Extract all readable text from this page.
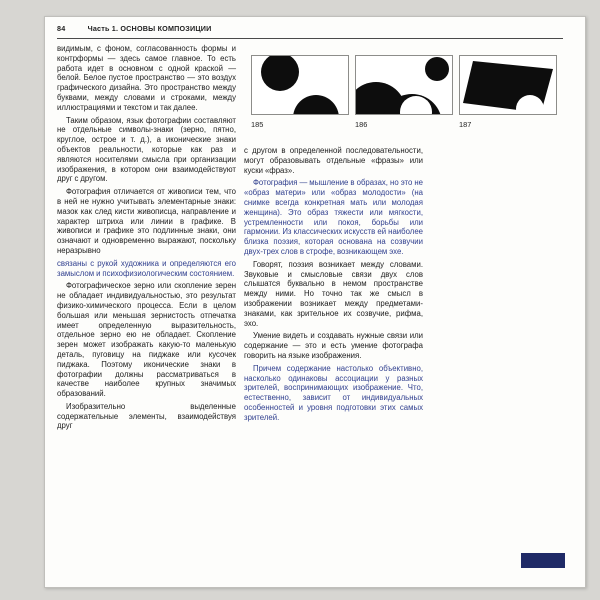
84	Часть 1. ОСНОВЫ КОМПОЗИЦИИ
185	186	187

видимым, с фоном, согласованность формы и контрформы — здесь самое главное. То есть работа идет в основном с одной краской — белой. Белое пустое пространство — это воздух графического дизайна. Это пространство между буквами, между словами и строками, между иллюстрациями и текстом и так далее.

Таким образом, язык фотографии составляют не отдельные символы-знаки (зерно, пятно, круглое, острое и т. д.), а иконические знаки объектов реальности, которые как раз и являются носителями смысла при организации изображения, в котором они взаимодействуют друг с другом.

Фотография отличается от живописи тем, что в ней не нужно учитывать элементарные знаки: мазок как след кисти живописца, направление и характер штриха или линии в графике. В живописи и графике это подлинные знаки, они означают и одновременно выражают, поскольку неразрывно

связаны с рукой художника и определяются его замыслом и психофизиологическим состоянием.

Фотографическое зерно или скопление зерен не обладает индивидуальностью, это результат физико-химического процесса. Если в целом большая или меньшая зернистость отпечатка имеет определенную выразительность, отдельное зерно ею не обладает. Скопление зерен может изображать какую-то маленькую деталь, пуговицу на пиджаке или кусочек пиджака. Поэтому иконические знаки в фотографии должны рассматриваться в качестве наиболее крупных значимых образований.

Изобразительно выделенные содержательные элементы, взаимодействуя друг

с другом в определенной последовательности, могут образовывать отдельные «фразы» или куски «фраз».

Фотография — мышление в образах, но это не «образ матери» или «образ молодости» (на снимке всегда конкретная мать или молодая женщина). Это образ тяжести или мягкости, устремленности или покоя, борьбы или гармонии. Из классических искусств ей наиболее близка поэзия, которая основана на созвучии двух-трех слов в строфе, возникающем эхе.

Говорят, поэзия возникает между словами. Звуковые и смысловые связи двух слов слышатся буквально в немом пространстве между ними. Но точно так же смысл в изображении возникает между предметами-знаками, как зрительное их созвучие, рифма, эхо.

Умение видеть и создавать нужные связи или содержание — это и есть умение фотографа говорить на языке изображения.

Причем содержание настолько объективно, насколько одинаковы ассоциации у разных зрителей, воспринимающих изображение. Что, естественно, зависит от индивидуальных особенностей и уровня подготовки этих самых зрителей.
